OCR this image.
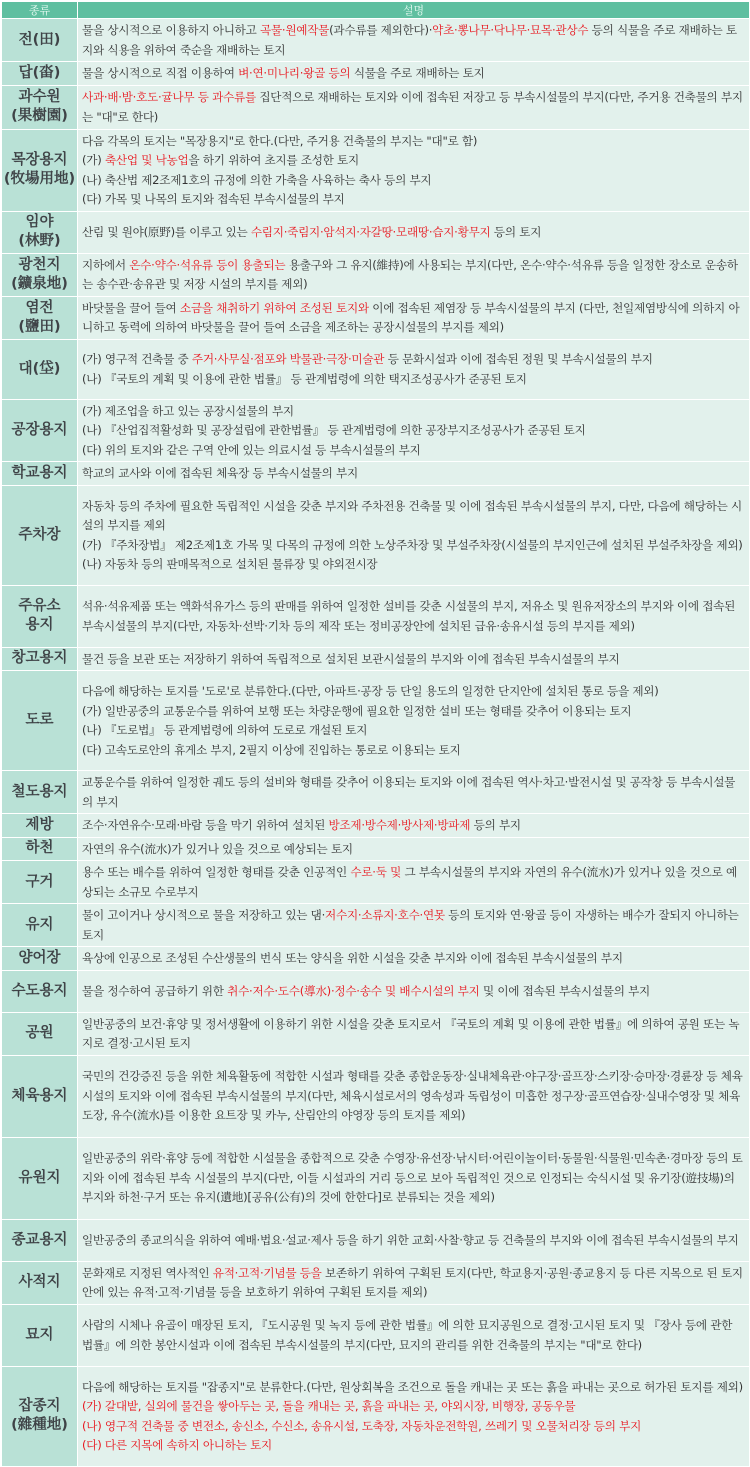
종류	설명

전(田)	물을 상시적으로 이용하지 아니하고 곡물·원예작물(과수류를 제외한다)·약초·뽕나무·닥나무·묘목·관상수 등의 식물을 주로 재배하는 토지와 식용을 위하여 죽순을 재배하는 토지

답(畓)	물을 상시적으로 직접 이용하여 벼·연·미나리·왕골 등의 식물을 주로 재배하는 토지

과수원
(果樹園)	사과·배·밤·호도·귤나무 등 과수류를 집단적으로 재배하는 토지와 이에 접속된 저장고 등 부속시설물의 부지(다만, 주거용 건축물의 부지는 "대"로 한다)

목장용지
(牧場用地)	다음 각목의 토지는 "목장용지"로 한다.(다만, 주거용 건축물의 부지는 "대"로 함)
(가) 축산업 및 낙농업을 하기 위하여 초지를 조성한 토지
(나) 축산법 제2조제1호의 규정에 의한 가축을 사육하는 축사 등의 부지
(다) 가목 및 나목의 토지와 접속된 부속시설물의 부지

임야
(林野)	산림 및 원야(原野)를 이루고 있는 수림지·죽림지·암석지·자갈땅·모래땅·습지·황무지 등의 토지

광천지
(鑛泉地)	지하에서 온수·약수·석유류 등이 용출되는 용출구와 그 유지(維持)에 사용되는 부지(다만, 온수·약수·석유류 등을 일정한 장소로 운송하는 송수관·송유관 및 저장 시설의 부지를 제외)

염전
(鹽田)	바닷물을 끌어 들여 소금을 채취하기 위하여 조성된 토지와 이에 접속된 제염장 등 부속시설물의 부지 (다만, 천일제염방식에 의하지 아니하고 동력에 의하여 바닷물을 끌어 들여 소금을 제조하는 공장시설물의 부지를 제외)

대(垈)	(가) 영구적 건축물 중 주거·사무실·점포와 박물관·극장·미술관 등 문화시설과 이에 접속된 정원 및 부속시설물의 부지
(나) 『국토의 계획 및 이용에 관한 법률』 등 관계법령에 의한 택지조성공사가 준공된 토지

공장용지	(가) 제조업을 하고 있는 공장시설물의 부지
(나) 『산업집적활성화 및 공장설립에 관한법률』 등 관계법령에 의한 공장부지조성공사가 준공된 토지
(다) 위의 토지와 같은 구역 안에 있는 의료시설 등 부속시설물의 부지

학교용지	학교의 교사와 이에 접속된 체육장 등 부속시설물의 부지

주차장	자동차 등의 주차에 필요한 독립적인 시설을 갖춘 부지와 주차전용 건축물 및 이에 접속된 부속시설물의 부지, 다만, 다음에 해당하는 시설의 부지를 제외
(가) 『주차장법』 제2조제1호 가목 및 다목의 규정에 의한 노상주차장 및 부설주차장(시설물의 부지인근에 설치된 부설주차장을 제외)
(나) 자동차 등의 판매목적으로 설치된 물류장 및 야외전시장

주유소
용지	석유·석유제품 또는 액화석유가스 등의 판매를 위하여 일정한 설비를 갖춘 시설물의 부지, 저유소 및 원유저장소의 부지와 이에 접속된 부속시설물의 부지(다만, 자동차·선박·기차 등의 제작 또는 정비공장안에 설치된 급유·송유시설 등의 부지를 제외)

창고용지	물건 등을 보관 또는 저장하기 위하여 독립적으로 설치된 보관시설물의 부지와 이에 접속된 부속시설물의 부지

도로	다음에 해당하는 토지를 '도로'로 분류한다.(다만, 아파트·공장 등 단일 용도의 일정한 단지안에 설치된 통로 등을 제외)
(가) 일반공중의 교통운수를 위하여 보행 또는 차량운행에 필요한 일정한 설비 또는 형태를 갖추어 이용되는 토지
(나) 『도로법』 등 관계법령에 의하여 도로로 개설된 토지
(다) 고속도로안의 휴게소 부지, 2필지 이상에 진입하는 통로로 이용되는 토지

철도용지	교통운수를 위하여 일정한 궤도 등의 설비와 형태를 갖추어 이용되는 토지와 이에 접속된 역사·차고·발전시설 및 공작창 등 부속시설물의 부지

제방	조수·자연유수·모래·바람 등을 막기 위하여 설치된 방조제·방수제·방사제·방파제 등의 부지

하천	자연의 유수(流水)가 있거나 있을 것으로 예상되는 토지

구거	용수 또는 배수를 위하여 일정한 형태를 갖춘 인공적인 수로·둑 및 그 부속시설물의 부지와 자연의 유수(流水)가 있거나 있을 것으로 예상되는 소규모 수로부지

유지	물이 고이거나 상시적으로 물을 저장하고 있는 댐·저수지·소류지·호수·연못 등의 토지와 연·왕골 등이 자생하는 배수가 잘되지 아니하는 토지

양어장	육상에 인공으로 조성된 수산생물의 번식 또는 양식을 위한 시설을 갖춘 부지와 이에 접속된 부속시설물의 부지

수도용지	물을 정수하여 공급하기 위한 취수·저수·도수(導水)·정수·송수 및 배수시설의 부지 및 이에 접속된 부속시설물의 부지

공원	일반공중의 보건·휴양 및 정서생활에 이용하기 위한 시설을 갖춘 토지로서 『국토의 계획 및 이용에 관한 법률』에 의하여 공원 또는 녹지로 결정·고시된 토지

체육용지	국민의 건강증진 등을 위한 체육활동에 적합한 시설과 형태를 갖춘 종합운동장·실내체육관·야구장·골프장·스키장·승마장·경륜장 등 체육시설의 토지와 이에 접속된 부속시설물의 부지(다만, 체육시설로서의 영속성과 독립성이 미흡한 정구장·골프연습장·실내수영장 및 체육도장, 유수(流水)를 이용한 요트장 및 카누, 산림안의 야영장 등의 토지를 제외)

유원지	일반공중의 위락·휴양 등에 적합한 시설물을 종합적으로 갖춘 수영장·유선장·낚시터·어린이놀이터·동물원·식물원·민속촌·경마장 등의 토지와 이에 접속된 부속 시설물의 부지(다만, 이들 시설과의 거리 등으로 보아 독립적인 것으로 인정되는 숙식시설 및 유기장(遊技場)의 부지와 하천·구거 또는 유지(遺地)[공유(公有)의 것에 한한다]로 분류되는 것을 제외)

종교용지	일반공중의 종교의식을 위하여 예배·법요·설교·제사 등을 하기 위한 교회·사찰·향교 등 건축물의 부지와 이에 접속된 부속시설물의 부지

사적지	문화재로 지정된 역사적인 유적·고적·기념물 등을 보존하기 위하여 구획된 토지(다만, 학교용지·공원·종교용지 등 다른 지목으로 된 토지 안에 있는 유적·고적·기념물 등을 보호하기 위하여 구획된 토지를 제외)

묘지	사람의 시체나 유골이 매장된 토지, 『도시공원 및 녹지 등에 관한 법률』에 의한 묘지공원으로 결정·고시된 토지 및 『장사 등에 관한 법률』에 의한 봉안시설과 이에 접속된 부속시설물의 부지(다만, 묘지의 관리를 위한 건축물의 부지는 "대"로 한다)

잡종지
(雜種地)	다음에 해당하는 토지를 "잡종지"로 분류한다.(다만, 원상회복을 조건으로 돌을 캐내는 곳 또는 흙을 파내는 곳으로 허가된 토지를 제외)
(가) 갈대밭, 실외에 물건을 쌓아두는 곳, 돌을 캐내는 곳, 흙을 파내는 곳, 야외시장, 비행장, 공동우물
(나) 영구적 건축물 중 변전소, 송신소, 수신소, 송유시설, 도축장, 자동차운전학원, 쓰레기 및 오물처리장 등의 부지
(다) 다른 지목에 속하지 아니하는 토지
